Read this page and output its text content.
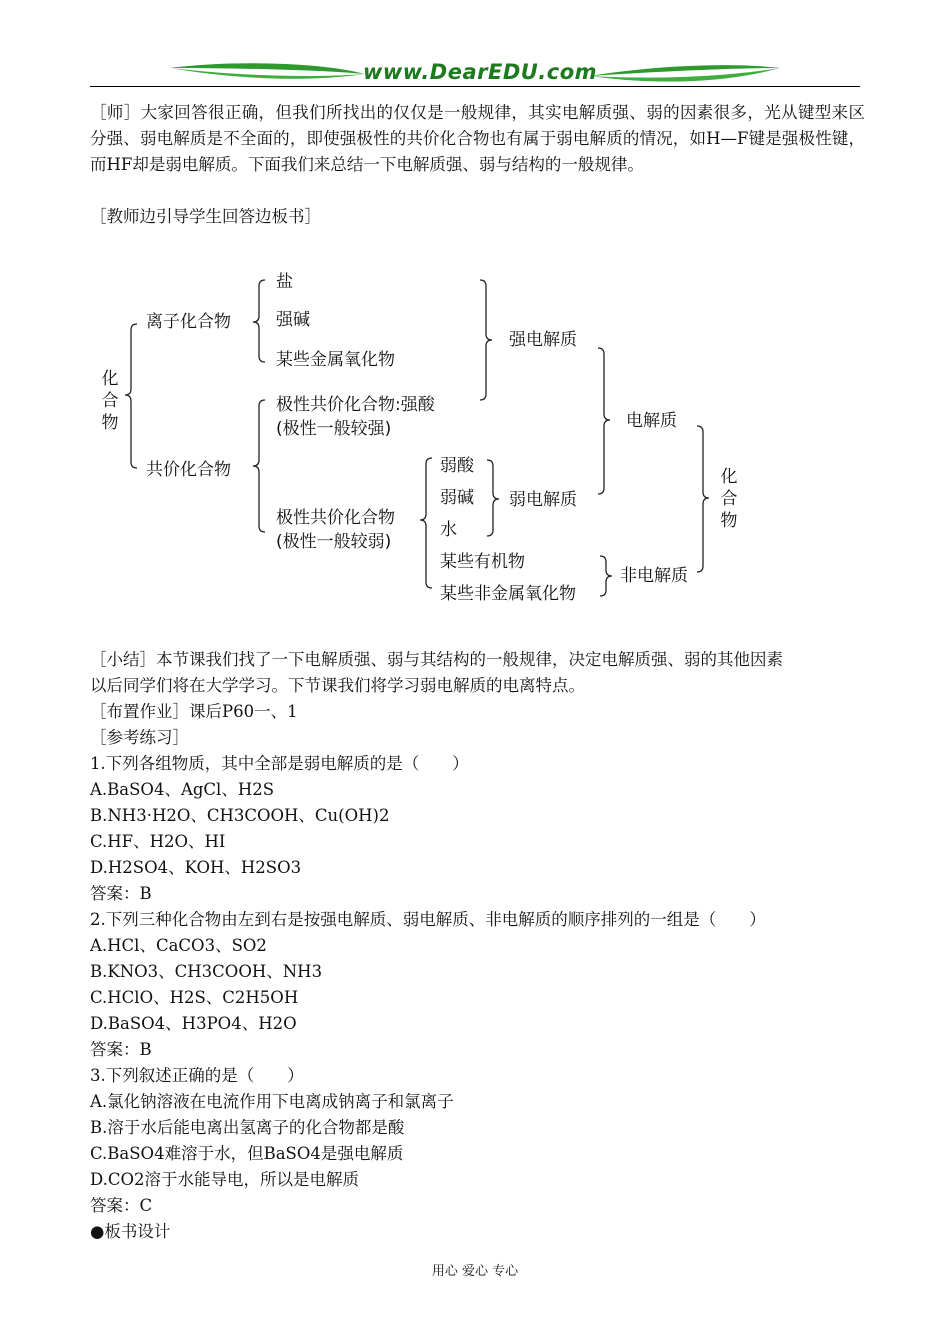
www.DearEDU.com
［师］大家回答很正确，但我们所找出的仅仅是一般规律，其实电解质强、弱的因素很多，光从键型来区分强、弱电解质是不全面的，即使强极性的共价化合物也有属于弱电解质的情况，如H—F键是强极性键，而HF却是弱电解质。下面我们来总结一下电解质强、弱与结构的一般规律。
［教师边引导学生回答边板书］
化合物
离子化合物
共价化合物
盐
强碱
某些金属氧化物
极性共价化合物:强酸
(极性一般较强)
强电解质
弱酸
弱碱
水
极性共价化合物
(极性一般较弱)
弱电解质
电解质
某些有机物
某些非金属氧化物
非电解质
化合物
［小结］本节课我们找了一下电解质强、弱与其结构的一般规律，决定电解质强、弱的其他因素
以后同学们将在大学学习。下节课我们将学习弱电解质的电离特点。
［布置作业］课后P60一、1
［参考练习］
1.下列各组物质，其中全部是弱电解质的是（　　）
A.BaSO4、AgCl、H2S
B.NH3·H2O、CH3COOH、Cu(OH)2
C.HF、H2O、HI
D.H2SO4、KOH、H2SO3
答案：B
2.下列三种化合物由左到右是按强电解质、弱电解质、非电解质的顺序排列的一组是（　　）
A.HCl、CaCO3、SO2
B.KNO3、CH3COOH、NH3
C.HClO、H2S、C2H5OH
D.BaSO4、H3PO4、H2O
答案：B
3.下列叙述正确的是（　　）
A.氯化钠溶液在电流作用下电离成钠离子和氯离子
B.溶于水后能电离出氢离子的化合物都是酸
C.BaSO4难溶于水，但BaSO4是强电解质
D.CO2溶于水能导电，所以是电解质
答案：C
●板书设计
用心 爱心 专心
